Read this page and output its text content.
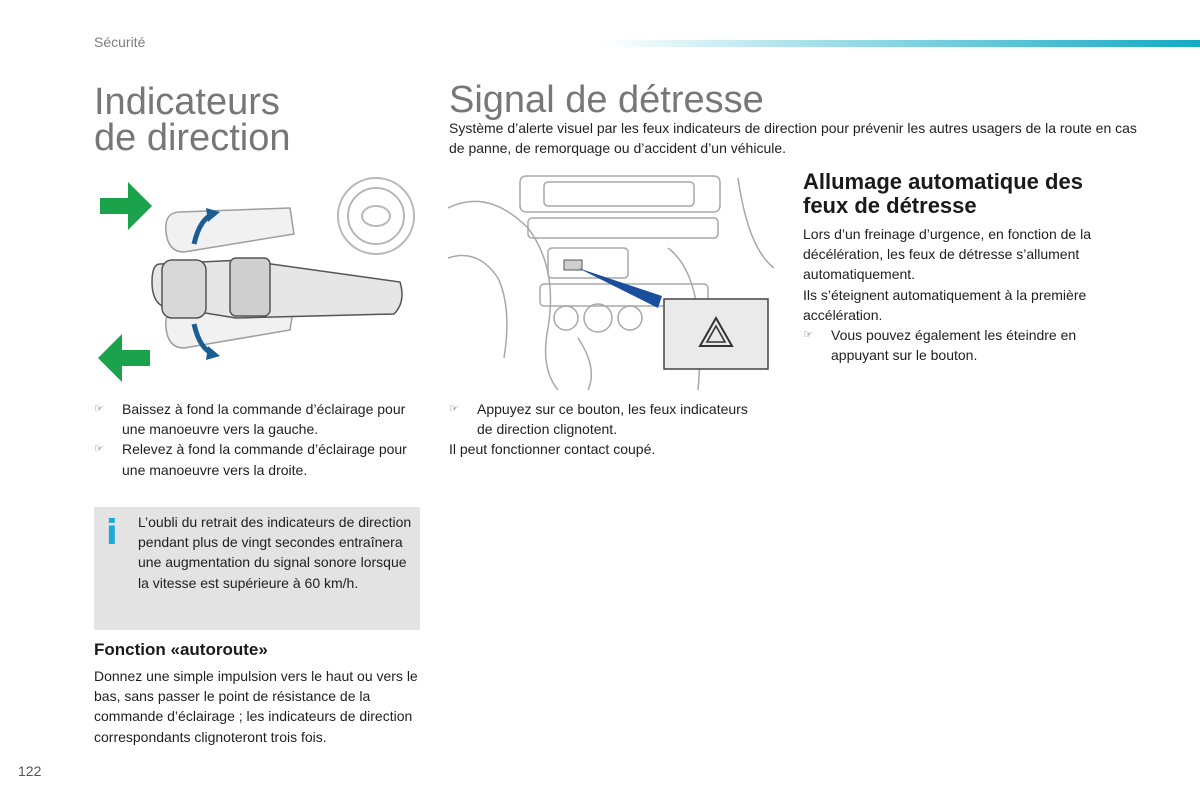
Sécurité
Indicateurs
de direction
☞	Baissez à fond la commande d’éclairage pour une manoeuvre vers la gauche.
☞	Relevez à fond la commande d’éclairage pour une manoeuvre vers la droite.
i L’oubli du retrait des indicateurs de direction pendant plus de vingt secondes entraînera une augmentation du signal sonore lorsque la vitesse est supérieure à 60 km/h.
Fonction «autoroute»
Donnez une simple impulsion vers le haut ou vers le bas, sans passer le point de résistance de la commande d’éclairage ; les indicateurs de direction correspondants clignoteront trois fois.
Signal de détresse
Système d’alerte visuel par les feux indicateurs de direction pour prévenir les autres usagers de la route en cas de panne, de remorquage ou d’accident d’un véhicule.
☞	Appuyez sur ce bouton, les feux indicateurs de direction clignotent.
Il peut fonctionner contact coupé.
Allumage automatique des feux de détresse
Lors d’un freinage d’urgence, en fonction de la décélération, les feux de détresse s’allument automatiquement.
Ils s’éteignent automatiquement à la première accélération.
☞	Vous pouvez également les éteindre en appuyant sur le bouton.
122
